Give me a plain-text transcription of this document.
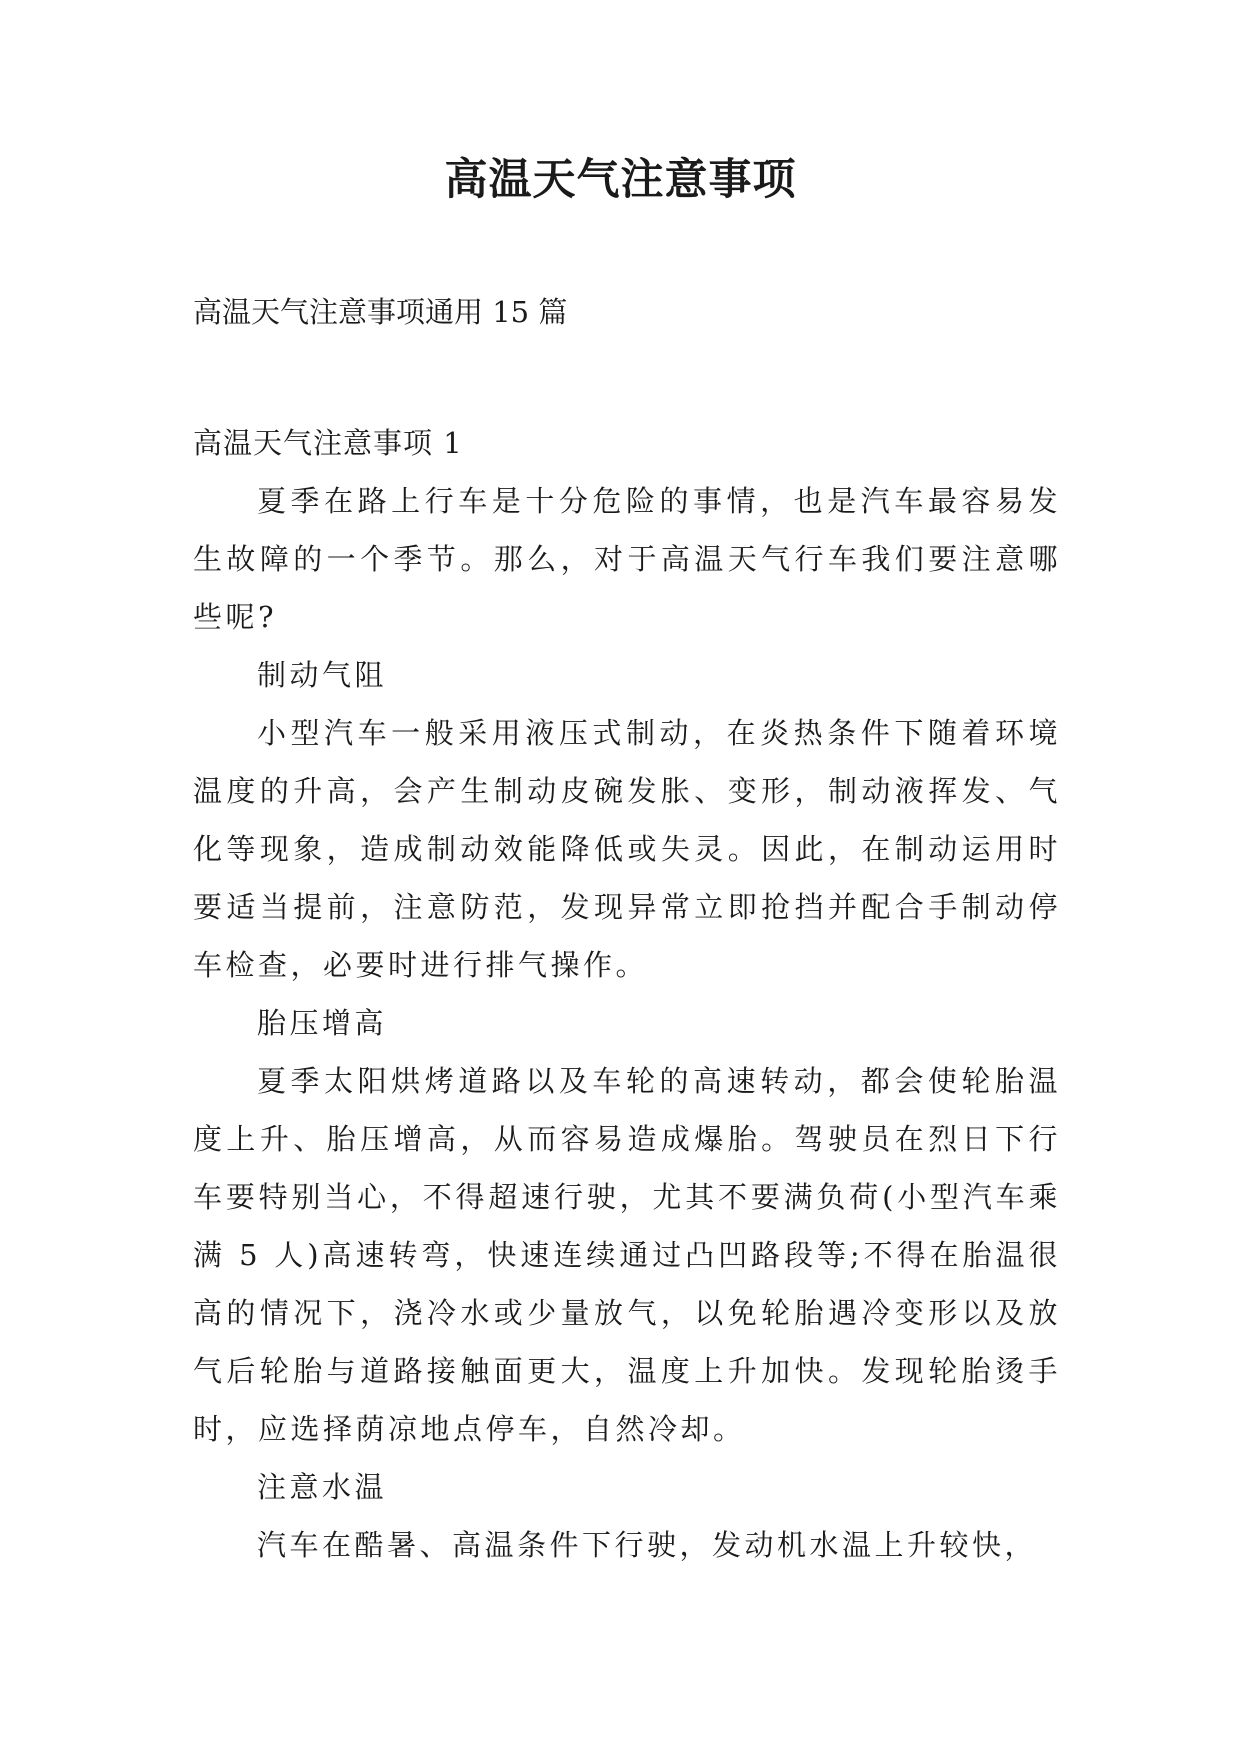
高温天气注意事项
高温天气注意事项通用 15 篇

高温天气注意事项 1

夏季在路上行车是十分危险的事情，也是汽车最容易发生故障的一个季节。那么，对于高温天气行车我们要注意哪些呢?

制动气阻

小型汽车一般采用液压式制动，在炎热条件下随着环境温度的升高，会产生制动皮碗发胀、变形，制动液挥发、气化等现象，造成制动效能降低或失灵。因此，在制动运用时要适当提前，注意防范，发现异常立即抢挡并配合手制动停车检查，必要时进行排气操作。

胎压增高

夏季太阳烘烤道路以及车轮的高速转动，都会使轮胎温度上升、胎压增高，从而容易造成爆胎。驾驶员在烈日下行车要特别当心，不得超速行驶，尤其不要满负荷(小型汽车乘满 5 人)高速转弯，快速连续通过凸凹路段等;不得在胎温很高的情况下，浇冷水或少量放气，以免轮胎遇冷变形以及放气后轮胎与道路接触面更大，温度上升加快。发现轮胎烫手时，应选择荫凉地点停车，自然冷却。

注意水温

汽车在酷暑、高温条件下行驶，发动机水温上升较快，
